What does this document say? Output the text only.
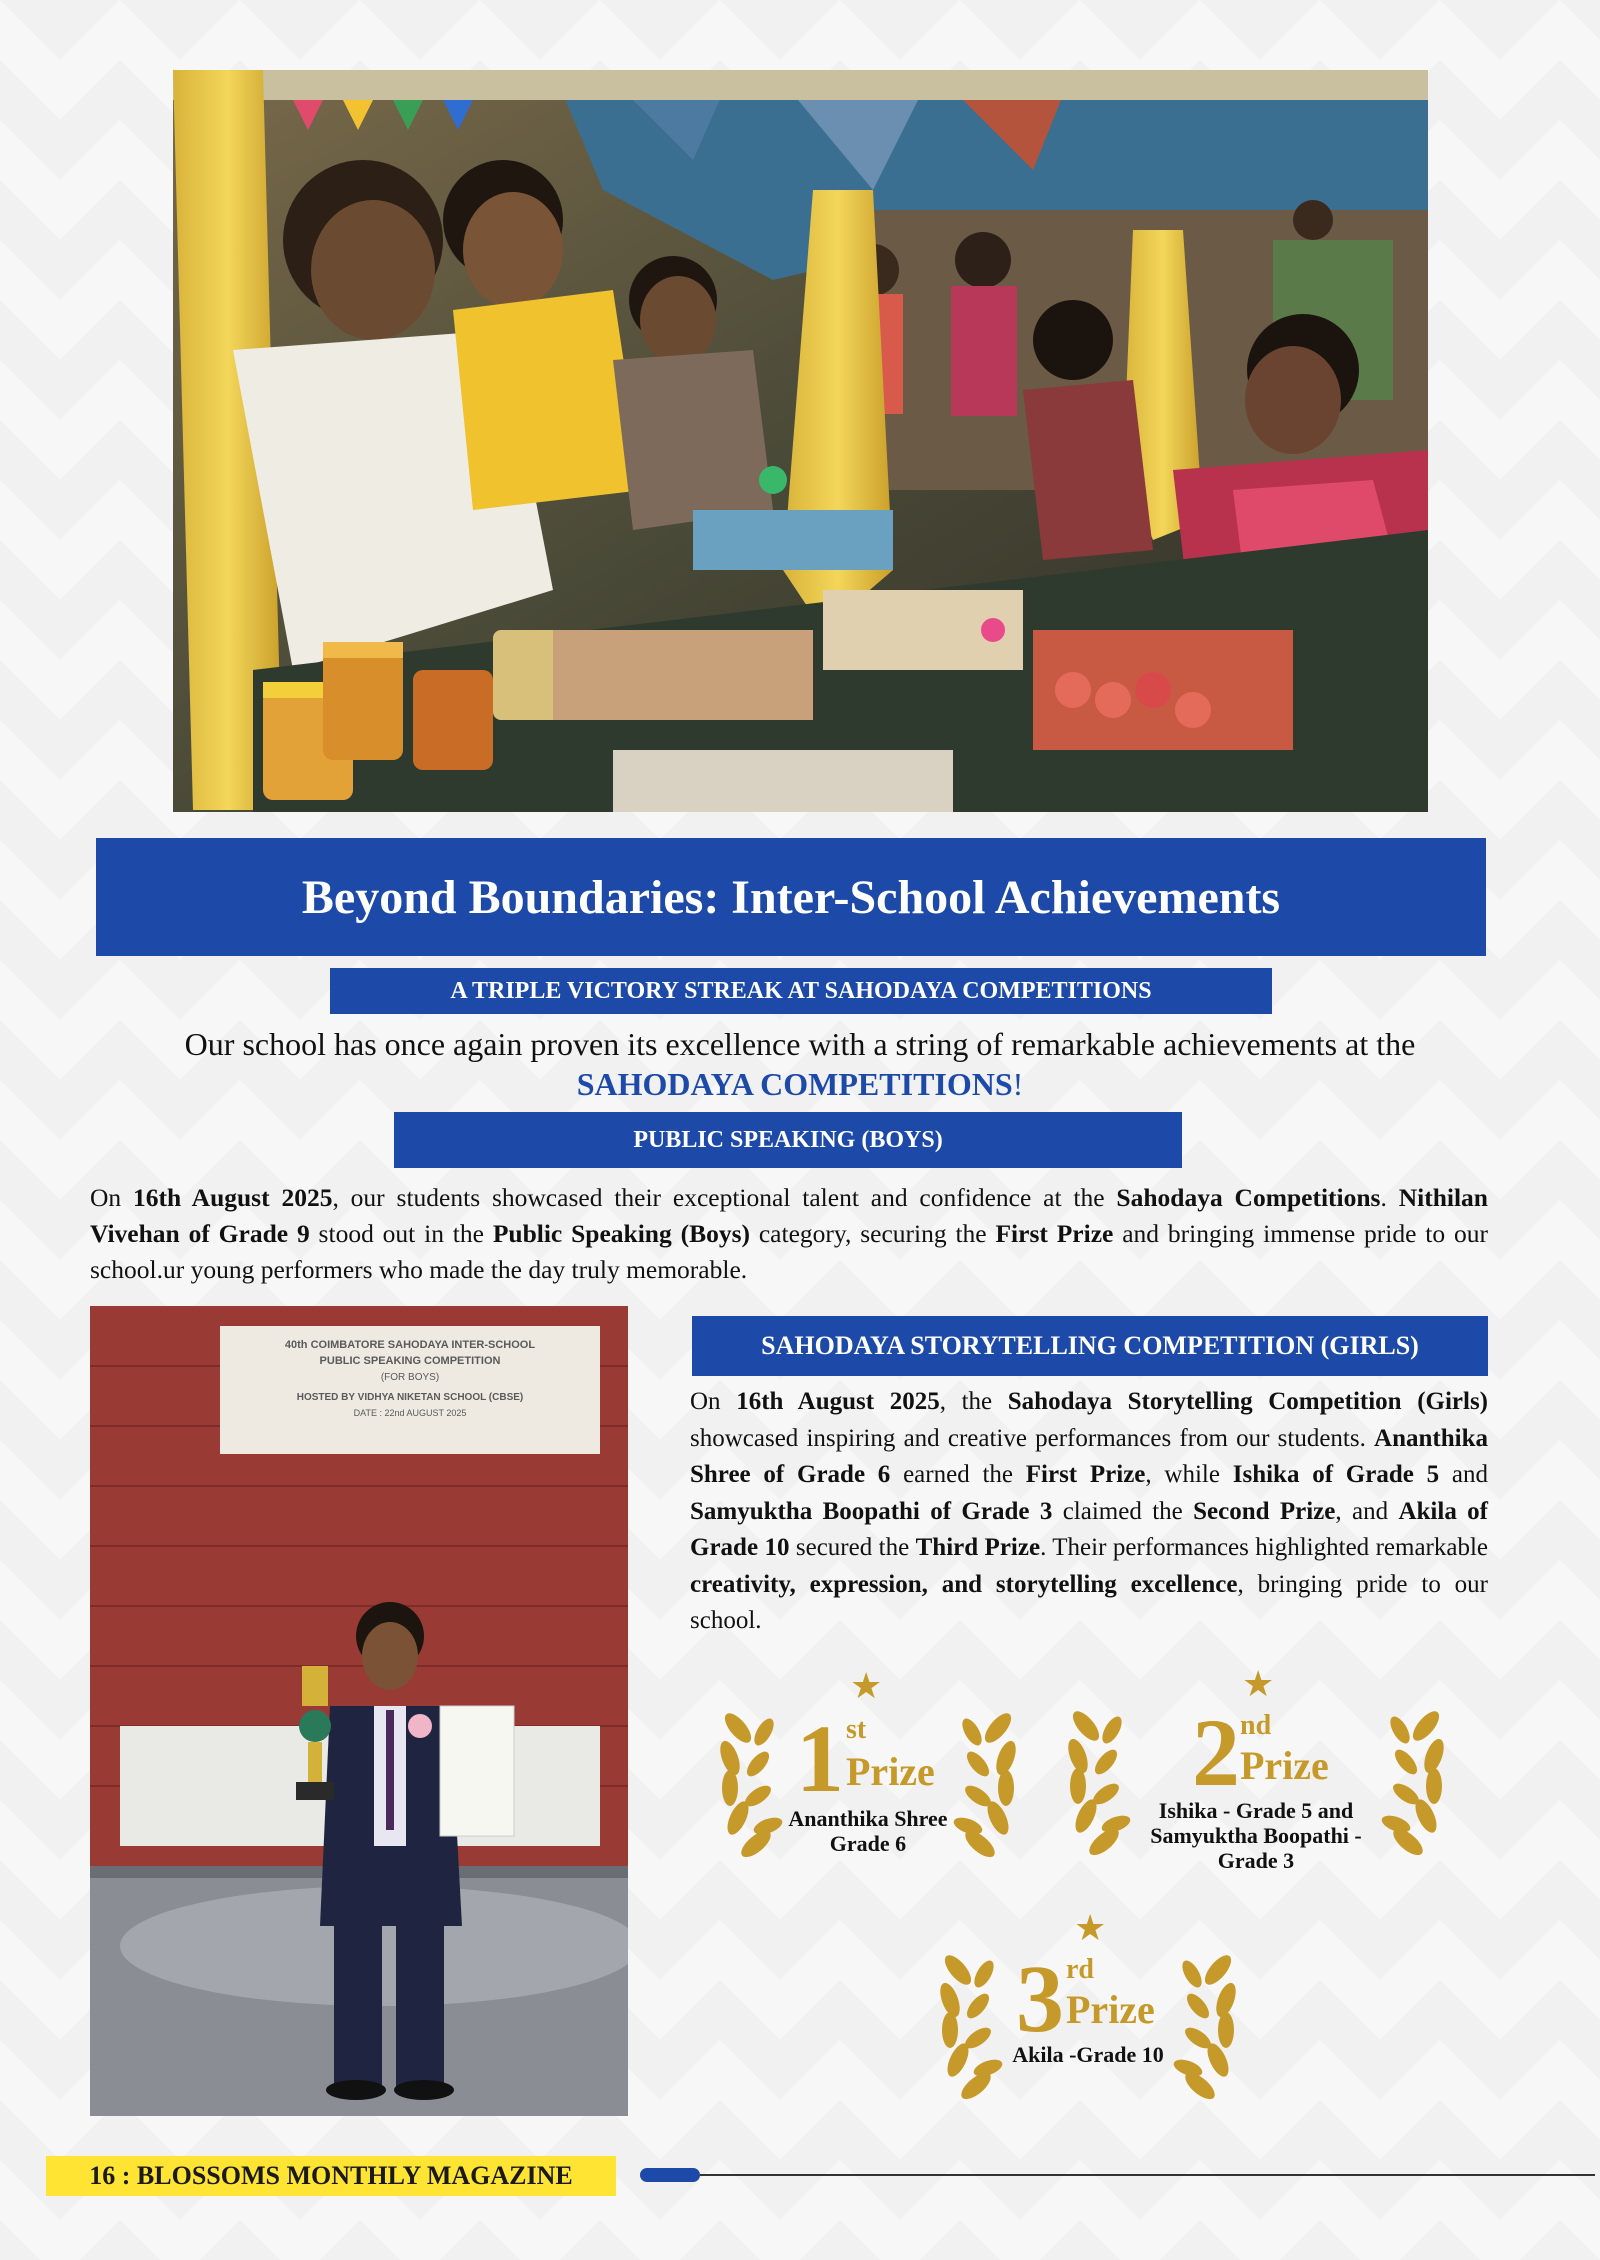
Beyond Boundaries: Inter-School Achievements
A TRIPLE VICTORY STREAK AT SAHODAYA COMPETITIONS
Our school has once again proven its excellence with a string of remarkable achievements at the
SAHODAYA COMPETITIONS!
PUBLIC SPEAKING (BOYS)

On 16th August 2025, our students showcased their exceptional talent and confidence at the Sahodaya Competitions. Nithilan Vivehan of Grade 9 stood out in the Public Speaking (Boys) category, securing the First Prize and bringing immense pride to our school.ur young performers who made the day truly memorable.

40th COIMBATORE SAHODAYA INTER-SCHOOL
PUBLIC SPEAKING COMPETITION
(FOR BOYS)
HOSTED BY VIDHYA NIKETAN SCHOOL (CBSE)
DATE : 22nd AUGUST 2025
SAHODAYA STORYTELLING COMPETITION (GIRLS)

On 16th August 2025, the Sahodaya Storytelling Competition (Girls) showcased inspiring and creative performances from our students. Ananthika Shree of Grade 6 earned the First Prize, while Ishika of Grade 5 and Samyuktha Boopathi of Grade 3 claimed the Second Prize, and Akila of Grade 10 secured the Third Prize. Their performances highlighted remarkable creativity, expression, and storytelling excellence, bringing pride to our school.

★
1 st
Prize
Ananthika Shree
Grade 6
★
2 nd
Prize
Ishika - Grade 5 and
Samyuktha Boopathi -
Grade 3
★
3 rd
Prize
Akila -Grade 10
16 : BLOSSOMS MONTHLY MAGAZINE
